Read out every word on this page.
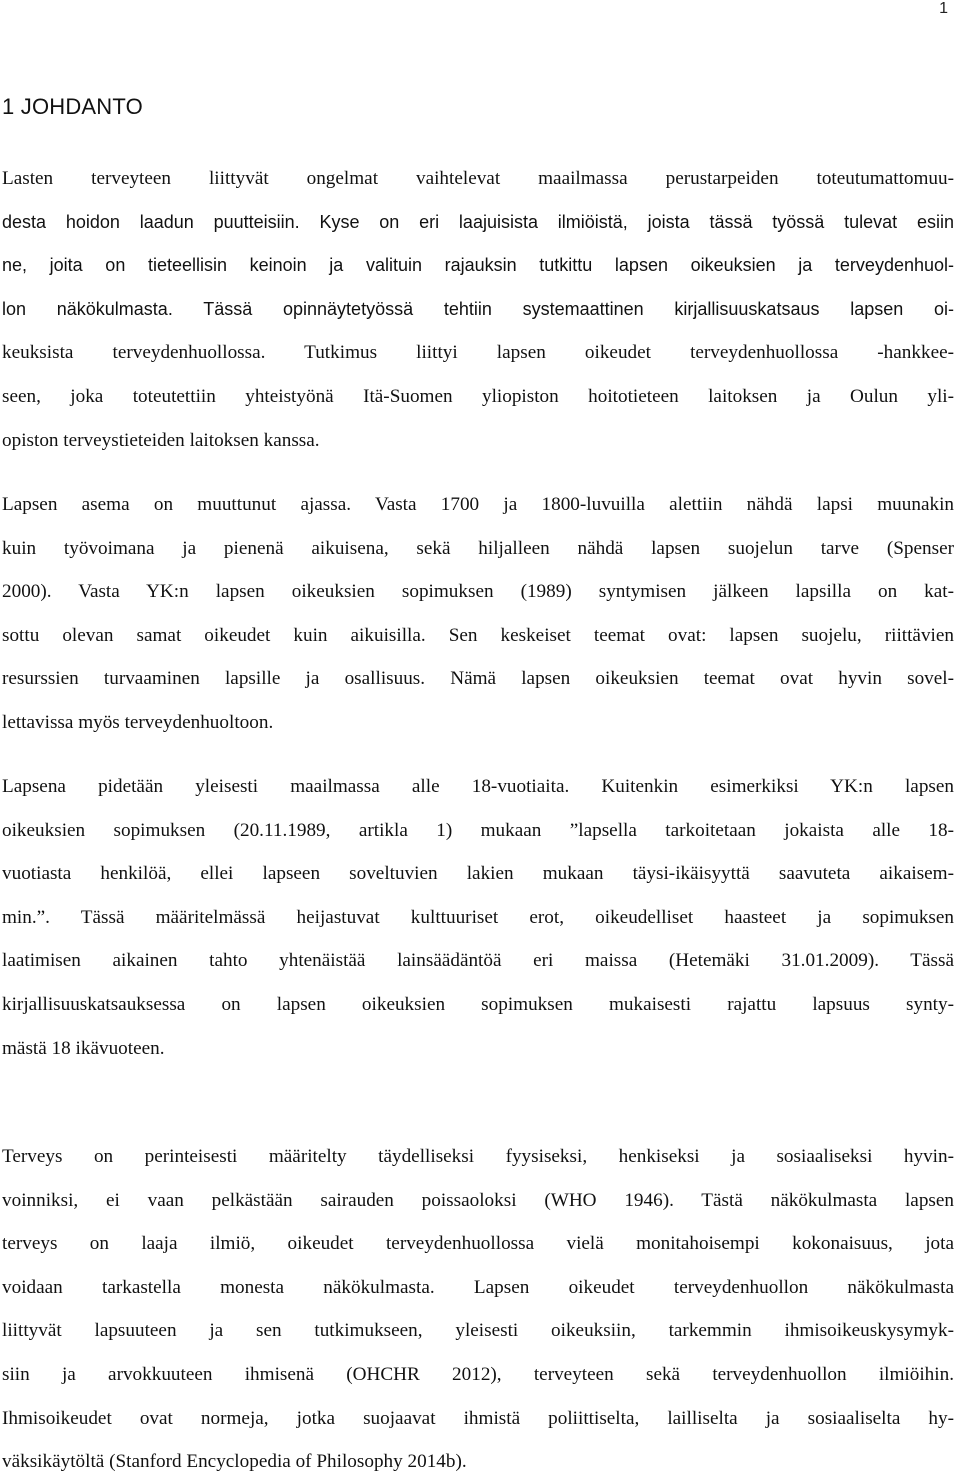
1
1 JOHDANTO
Lasten terveyteen liittyvät ongelmat vaihtelevat maailmassa perustarpeiden toteutumattomuu-
desta hoidon laadun puutteisiin. Kyse on eri laajuisista ilmiöistä, joista tässä työssä tulevat esiin
ne, joita on tieteellisin keinoin ja valituin rajauksin tutkittu lapsen oikeuksien ja terveydenhuol-
lon näkökulmasta. Tässä opinnäytetyössä tehtiin systemaattinen kirjallisuuskatsaus lapsen oi-
keuksista terveydenhuollossa. Tutkimus liittyi lapsen oikeudet terveydenhuollossa -hankkee-
seen, joka toteutettiin yhteistyönä Itä-Suomen yliopiston hoitotieteen laitoksen ja Oulun yli-
opiston terveystieteiden laitoksen kanssa.
Lapsen asema on muuttunut ajassa. Vasta 1700 ja 1800-luvuilla alettiin nähdä lapsi muunakin
kuin työvoimana ja pienenä aikuisena, sekä hiljalleen nähdä lapsen suojelun tarve (Spenser
2000). Vasta YK:n lapsen oikeuksien sopimuksen (1989) syntymisen jälkeen lapsilla on kat-
sottu olevan samat oikeudet kuin aikuisilla. Sen keskeiset teemat ovat: lapsen suojelu, riittävien
resurssien turvaaminen lapsille ja osallisuus. Nämä lapsen oikeuksien teemat ovat hyvin sovel-
lettavissa myös terveydenhuoltoon.
Lapsena pidetään yleisesti maailmassa alle 18-vuotiaita. Kuitenkin esimerkiksi YK:n lapsen
oikeuksien sopimuksen (20.11.1989, artikla 1) mukaan ”lapsella tarkoitetaan jokaista alle 18-
vuotiasta henkilöä, ellei lapseen soveltuvien lakien mukaan täysi-ikäisyyttä saavuteta aikaisem-
min.”. Tässä määritelmässä heijastuvat kulttuuriset erot, oikeudelliset haasteet ja sopimuksen
laatimisen aikainen tahto yhtenäistää lainsäädäntöä eri maissa (Hetemäki 31.01.2009). Tässä
kirjallisuuskatsauksessa on lapsen oikeuksien sopimuksen mukaisesti rajattu lapsuus synty-
mästä 18 ikävuoteen.
Terveys on perinteisesti määritelty täydelliseksi fyysiseksi, henkiseksi ja sosiaaliseksi hyvin-
voinniksi, ei vaan pelkästään sairauden poissaoloksi (WHO 1946). Tästä näkökulmasta lapsen
terveys on laaja ilmiö, oikeudet terveydenhuollossa vielä monitahoisempi kokonaisuus, jota
voidaan tarkastella monesta näkökulmasta. Lapsen oikeudet terveydenhuollon näkökulmasta
liittyvät lapsuuteen ja sen tutkimukseen, yleisesti oikeuksiin, tarkemmin ihmisoikeuskysymyk-
siin ja arvokkuuteen ihmisenä (OHCHR 2012), terveyteen sekä terveydenhuollon ilmiöihin.
Ihmisoikeudet ovat normeja, jotka suojaavat ihmistä poliittiselta, lailliselta ja sosiaaliselta hy-
väksikäytöltä (Stanford Encyclopedia of Philosophy 2014b).
